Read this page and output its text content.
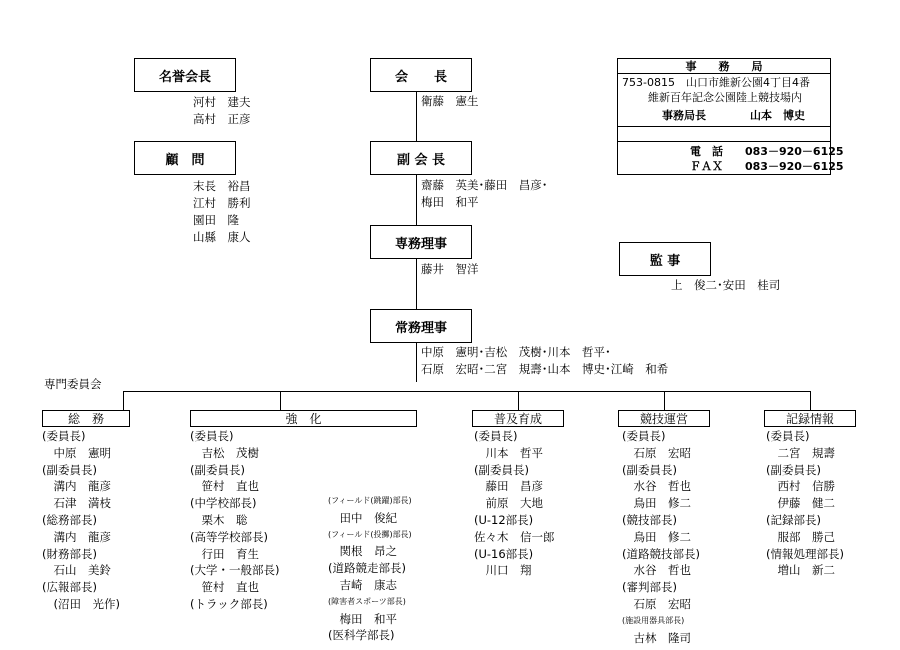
名誉会長
河村　建夫
高村　正彦
顧　問
末長　裕昌
江村　勝利
園田　隆
山縣　康人
会　　長
衛藤　憲生
副 会 長
齋藤　英美･藤田　昌彦･
梅田　和平
専務理事
藤井　智洋
常務理事
中原　憲明･吉松　茂樹･川本　哲平･
石原　宏昭･二宮　規壽･山本　博史･江崎　和希
事　　務　　局
753-0815　山口市維新公園4丁目4番
維新百年記念公園陸上競技場内
事務局長　　　　山本　博史
電　話　　083－920－6125
ＦＡＸ　　083－920－6125
監 事
上　俊二･安田　桂司
専門委員会
総　務	強　化	普及育成	競技運営	記録情報
(委員長)
　中原　憲明
(副委員長)
　溝内　龍彦
　石津　満枝
(総務部長)
　溝内　龍彦
(財務部長)
　石山　美鈴
(広報部長)
　(沼田　光作)
(委員長)
　吉松　茂樹
(副委員長)
　笹村　直也
(中学校部長)
　栗木　聡
(高等学校部長)
　行田　育生
(大学・一般部長)
　笹村　直也
(トラック部長)
(フィールド(跳躍)部長)
　田中　俊紀
(フィールド(投擲)部長)
　関根　昂之
(道路競走部長)
　吉崎　康志
(障害者スポーツ部長)
　梅田　和平
(医科学部長)
(委員長)
　川本　哲平
(副委員長)
　藤田　昌彦
　前原　大地
(U-12部長)
佐々木　信一郎
(U-16部長)
　川口　翔
(委員長)
　石原　宏昭
(副委員長)
　水谷　哲也
　鳥田　修二
(競技部長)
　鳥田　修二
(道路競技部長)
　水谷　哲也
(審判部長)
　石原　宏昭
(施設用器具部長)
　古林　隆司
(委員長)
　二宮　規壽
(副委員長)
　西村　信勝
　伊藤　健二
(記録部長)
　服部　勝己
(情報処理部長)
　増山　新二
